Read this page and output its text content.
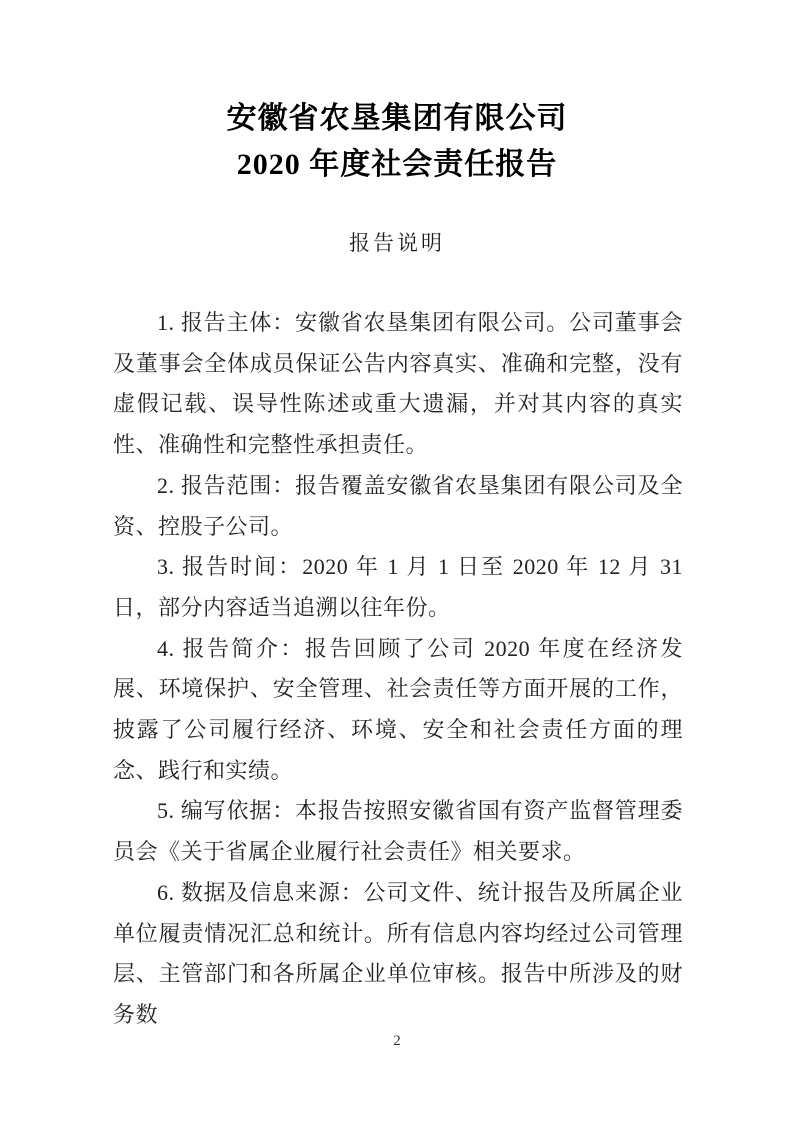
安徽省农垦集团有限公司
2020 年度社会责任报告
报告说明

1. 报告主体：安徽省农垦集团有限公司。公司董事会及董事会全体成员保证公告内容真实、准确和完整，没有虚假记载、误导性陈述或重大遗漏，并对其内容的真实性、准确性和完整性承担责任。

2. 报告范围：报告覆盖安徽省农垦集团有限公司及全资、控股子公司。

3. 报告时间：2020 年 1 月 1 日至 2020 年 12 月 31 日，部分内容适当追溯以往年份。

4. 报告简介：报告回顾了公司 2020 年度在经济发展、环境保护、安全管理、社会责任等方面开展的工作，披露了公司履行经济、环境、安全和社会责任方面的理念、践行和实绩。

5. 编写依据：本报告按照安徽省国有资产监督管理委员会《关于省属企业履行社会责任》相关要求。

6. 数据及信息来源：公司文件、统计报告及所属企业单位履责情况汇总和统计。所有信息内容均经过公司管理层、主管部门和各所属企业单位审核。报告中所涉及的财务数

2
